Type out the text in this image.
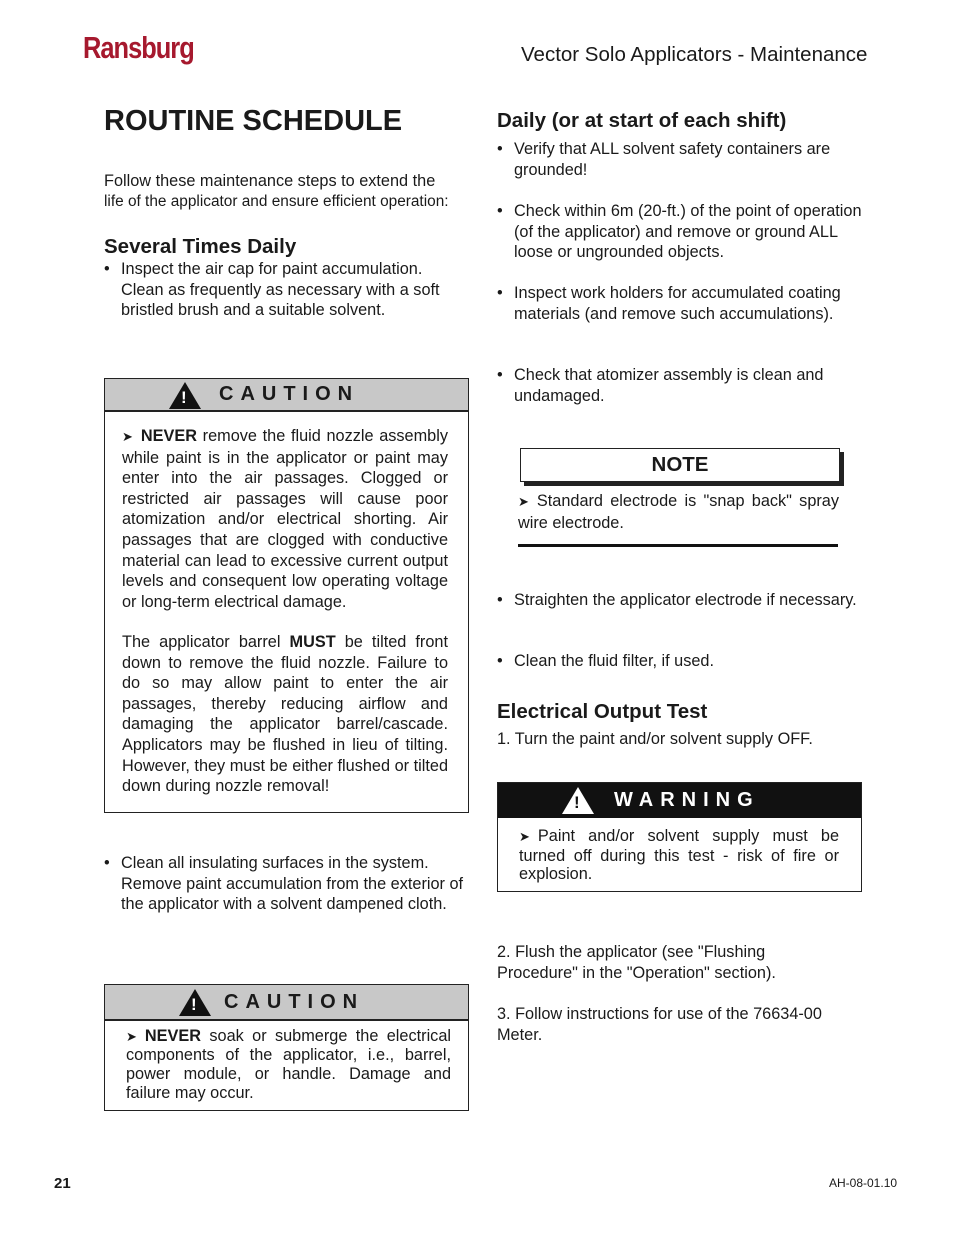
Ransburg	Vector Solo Applicators - Maintenance
ROUTINE SCHEDULE
Follow these maintenance steps to extend the
life of the applicator and ensure efficient operation:
Several Times Daily
• Inspect the air cap for paint accumulation. Clean as frequently as necessary with a soft bristled brush and a suitable solvent.
! CAUTION
➤ NEVER remove the fluid nozzle assembly while paint is in the applicator or paint may enter into the air passages. Clogged or restricted air passages will cause poor atomization and/or electrical shorting. Air passages that are clogged with conductive material can lead to excessive current output levels and consequent low operating voltage or long-term electrical damage.
The applicator barrel MUST be tilted front down to remove the fluid nozzle. Failure to do so may allow paint to enter the air passages, thereby reducing airflow and damaging the applicator barrel/cascade. Applicators may be flushed in lieu of tilting. However, they must be either flushed or tilted down during nozzle removal!
• Clean all insulating surfaces in the system. Remove paint accumulation from the exterior of the applicator with a solvent dampened cloth.
! CAUTION
➤ NEVER soak or submerge the electrical components of the applicator, i.e., barrel, power module, or handle. Damage and failure may occur.
Daily (or at start of each shift)
• Verify that ALL solvent safety containers are grounded!
• Check within 6m (20-ft.) of the point of operation (of the applicator) and remove or ground ALL loose or ungrounded objects.
• Inspect work holders for accumulated coating materials (and remove such accumulations).
• Check that atomizer assembly is clean and undamaged.
NOTE
➤ Standard electrode is "snap back" spray wire electrode.
• Straighten the applicator electrode if necessary.
• Clean the fluid filter, if used.
Electrical Output Test
1. Turn the paint and/or solvent supply OFF.
! WARNING
➤ Paint and/or solvent supply must be turned off during this test - risk of fire or explosion.
2. Flush the applicator (see "Flushing Procedure" in the "Operation" section).
3. Follow instructions for use of the 76634-00 Meter.
21	AH-08-01.10
